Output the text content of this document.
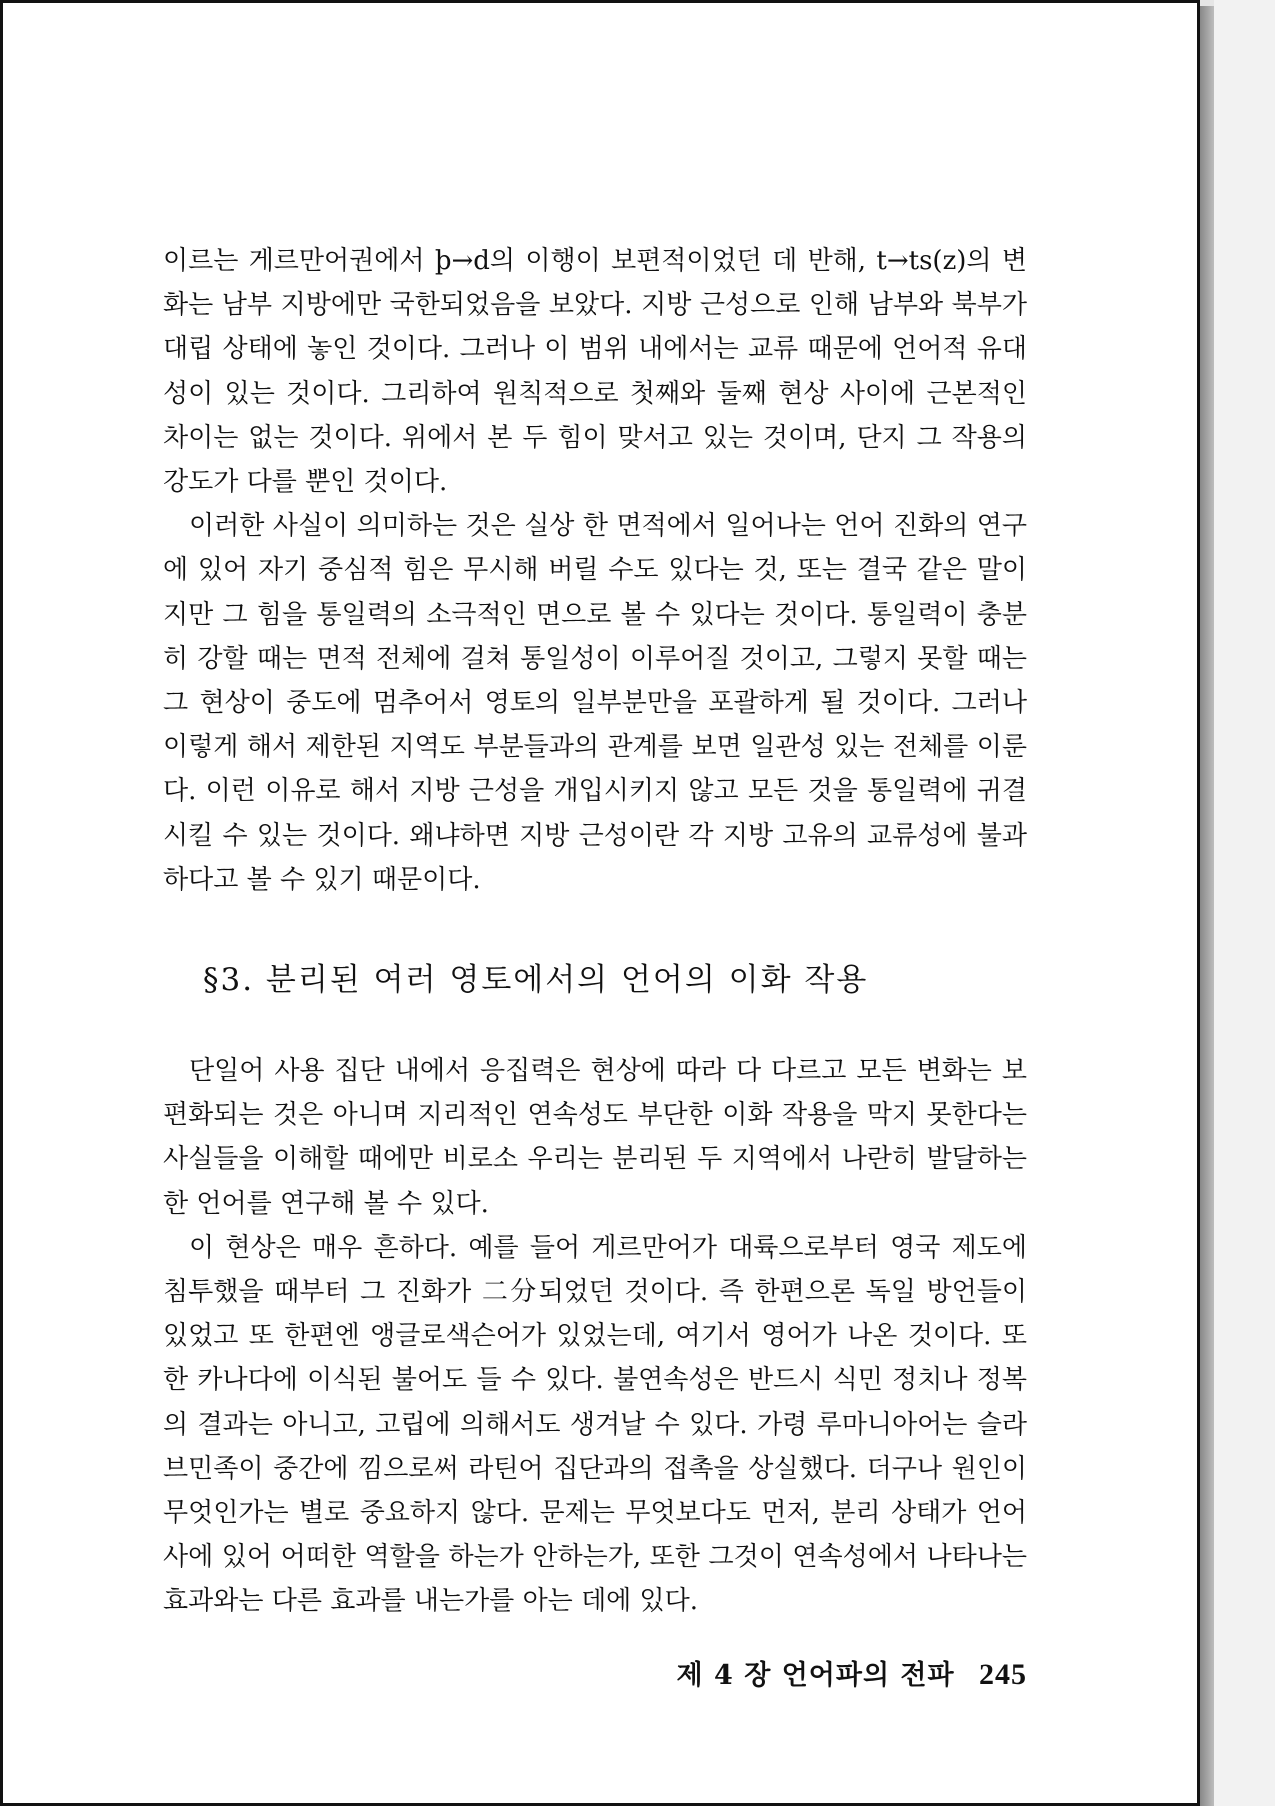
이르는 게르만어권에서 þ→d의 이행이 보편적이었던 데 반해, t→ts(z)의 변화는 남부 지방에만 국한되었음을 보았다. 지방 근성으로 인해 남부와 북부가 대립 상태에 놓인 것이다. 그러나 이 범위 내에서는 교류 때문에 언어적 유대성이 있는 것이다. 그리하여 원칙적으로 첫째와 둘째 현상 사이에 근본적인 차이는 없는 것이다. 위에서 본 두 힘이 맞서고 있는 것이며, 단지 그 작용의 강도가 다를 뿐인 것이다.

이러한 사실이 의미하는 것은 실상 한 면적에서 일어나는 언어 진화의 연구에 있어 자기 중심적 힘은 무시해 버릴 수도 있다는 것, 또는 결국 같은 말이지만 그 힘을 통일력의 소극적인 면으로 볼 수 있다는 것이다. 통일력이 충분히 강할 때는 면적 전체에 걸쳐 통일성이 이루어질 것이고, 그렇지 못할 때는 그 현상이 중도에 멈추어서 영토의 일부분만을 포괄하게 될 것이다. 그러나 이렇게 해서 제한된 지역도 부분들과의 관계를 보면 일관성 있는 전체를 이룬다. 이런 이유로 해서 지방 근성을 개입시키지 않고 모든 것을 통일력에 귀결시킬 수 있는 것이다. 왜냐하면 지방 근성이란 각 지방 고유의 교류성에 불과하다고 볼 수 있기 때문이다.

§3. 분리된 여러 영토에서의 언어의 이화 작용

단일어 사용 집단 내에서 응집력은 현상에 따라 다 다르고 모든 변화는 보편화되는 것은 아니며 지리적인 연속성도 부단한 이화 작용을 막지 못한다는 사실들을 이해할 때에만 비로소 우리는 분리된 두 지역에서 나란히 발달하는 한 언어를 연구해 볼 수 있다.

이 현상은 매우 흔하다. 예를 들어 게르만어가 대륙으로부터 영국 제도에 침투했을 때부터 그 진화가 二分되었던 것이다. 즉 한편으론 독일 방언들이 있었고 또 한편엔 앵글로색슨어가 있었는데, 여기서 영어가 나온 것이다. 또한 카나다에 이식된 불어도 들 수 있다. 불연속성은 반드시 식민 정치나 정복의 결과는 아니고, 고립에 의해서도 생겨날 수 있다. 가령 루마니아어는 슬라브민족이 중간에 낌으로써 라틴어 집단과의 접촉을 상실했다. 더구나 원인이 무엇인가는 별로 중요하지 않다. 문제는 무엇보다도 먼저, 분리 상태가 언어사에 있어 어떠한 역할을 하는가 안하는가, 또한 그것이 연속성에서 나타나는 효과와는 다른 효과를 내는가를 아는 데에 있다.

제 4 장 언어파의 전파 245
